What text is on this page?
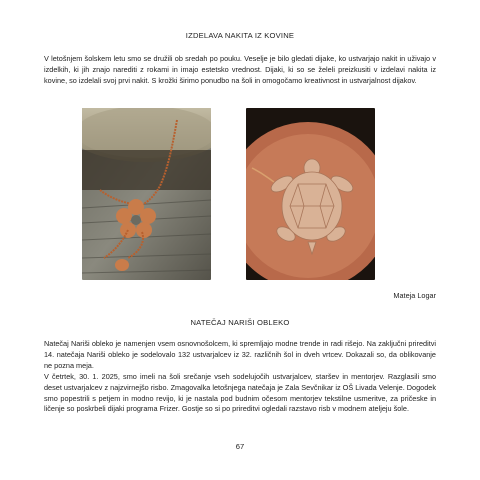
IZDELAVA NAKITA IZ KOVINE

V letošnjem šolskem letu smo se družili ob sredah po pouku. Veselje je bilo gledati dijake, ko ustvarjajo nakit in uživajo v izdelkih, ki jih znajo narediti z rokami in imajo estetsko vrednost. Dijaki, ki so se želeli preizkusiti v izdelavi nakita iz kovine, so izdelali svoj prvi nakit. S krožki širimo ponudbo na šoli in omogočamo kreativnost in ustvarjalnost dijakov.

Mateja Logar
NATEČAJ NARIŠI OBLEKO

Natečaj Nariši obleko je namenjen vsem osnovnošolcem, ki spremljajo modne trende in radi rišejo. Na zaključni prireditvi 14. natečaja Nariši obleko je sodelovalo 132 ustvarjalcev iz 32. različnih šol in dveh vrtcev. Dokazali so, da oblikovanje ne pozna meja.

V četrtek, 30. 1. 2025, smo imeli na šoli srečanje vseh sodelujočih ustvarjalcev, staršev in mentorjev. Razglasili smo deset ustvarjalcev z najzvirnejšo risbo. Zmagovalka letošnjega natečaja je Zala Sevčnikar iz OŠ Livada Velenje. Dogodek smo popestrili s petjem in modno revijo, ki je nastala pod budnim očesom mentorjev tekstilne usmeritve, za pričeske in ličenje so poskrbeli dijaki programa Frizer. Gostje so si po prireditvi ogledali razstavo risb v modnem ateljeju šole.

67
